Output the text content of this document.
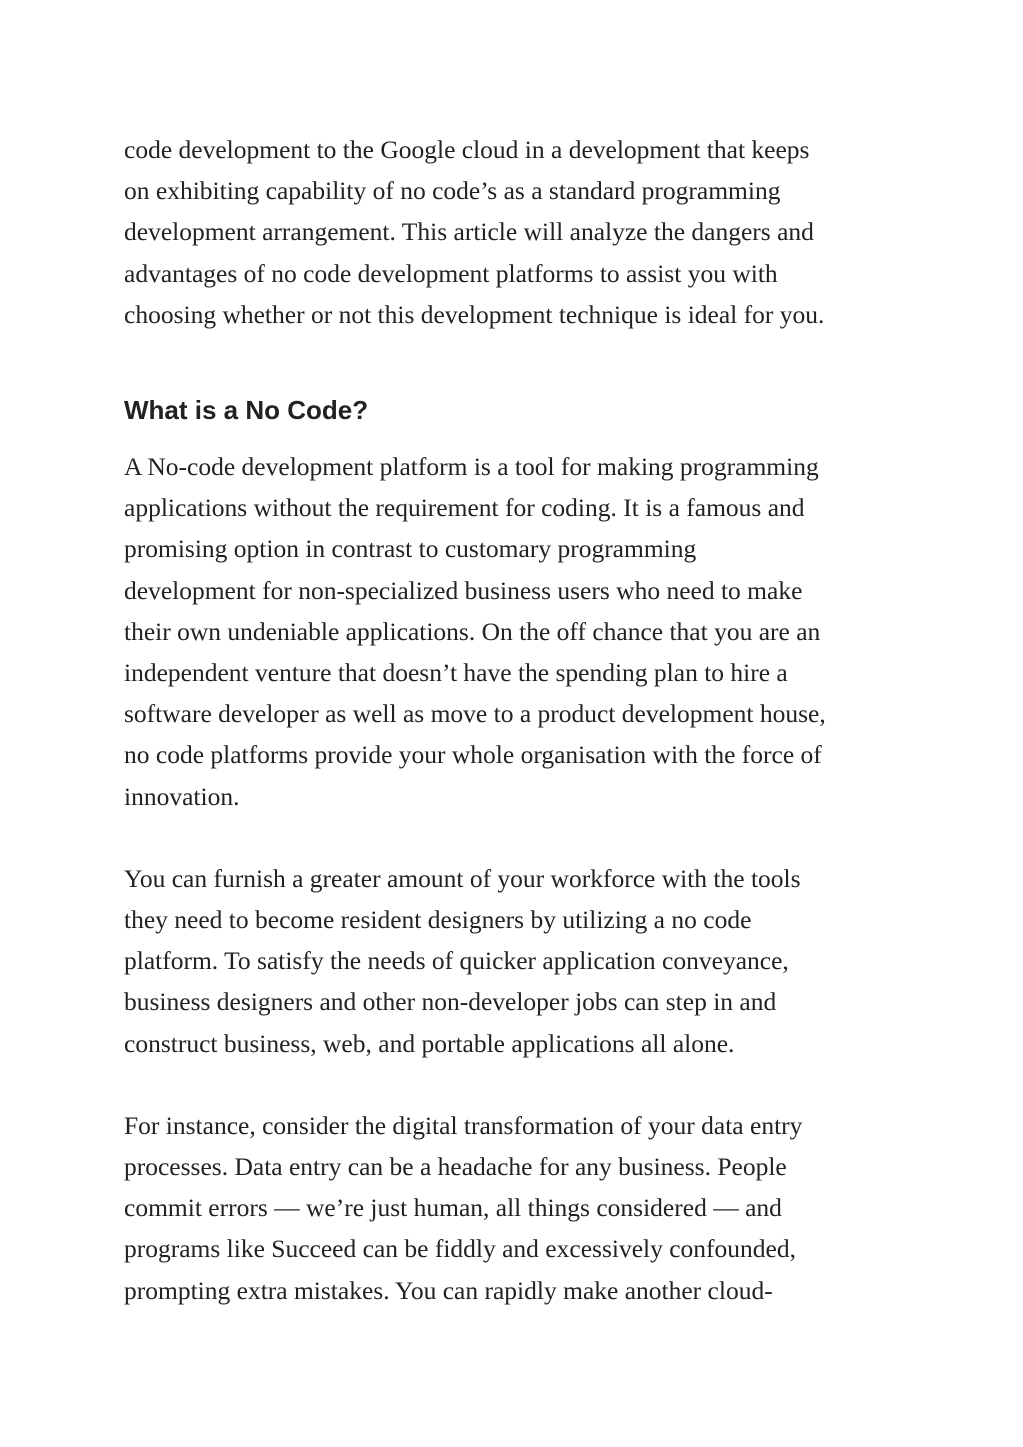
code development to the Google cloud in a development that keeps
on exhibiting capability of no code’s as a standard programming
development arrangement. This article will analyze the dangers and
advantages of no code development platforms to assist you with
choosing whether or not this development technique is ideal for you.

What is a No Code?

A No-code development platform is a tool for making programming
applications without the requirement for coding. It is a famous and
promising option in contrast to customary programming
development for non-specialized business users who need to make
their own undeniable applications. On the off chance that you are an
independent venture that doesn’t have the spending plan to hire a
software developer as well as move to a product development house,
no code platforms provide your whole organisation with the force of
innovation.

You can furnish a greater amount of your workforce with the tools
they need to become resident designers by utilizing a no code
platform. To satisfy the needs of quicker application conveyance,
business designers and other non-developer jobs can step in and
construct business, web, and portable applications all alone.

For instance, consider the digital transformation of your data entry
processes. Data entry can be a headache for any business. People
commit errors — we’re just human, all things considered — and
programs like Succeed can be fiddly and excessively confounded,
prompting extra mistakes. You can rapidly make another cloud-
